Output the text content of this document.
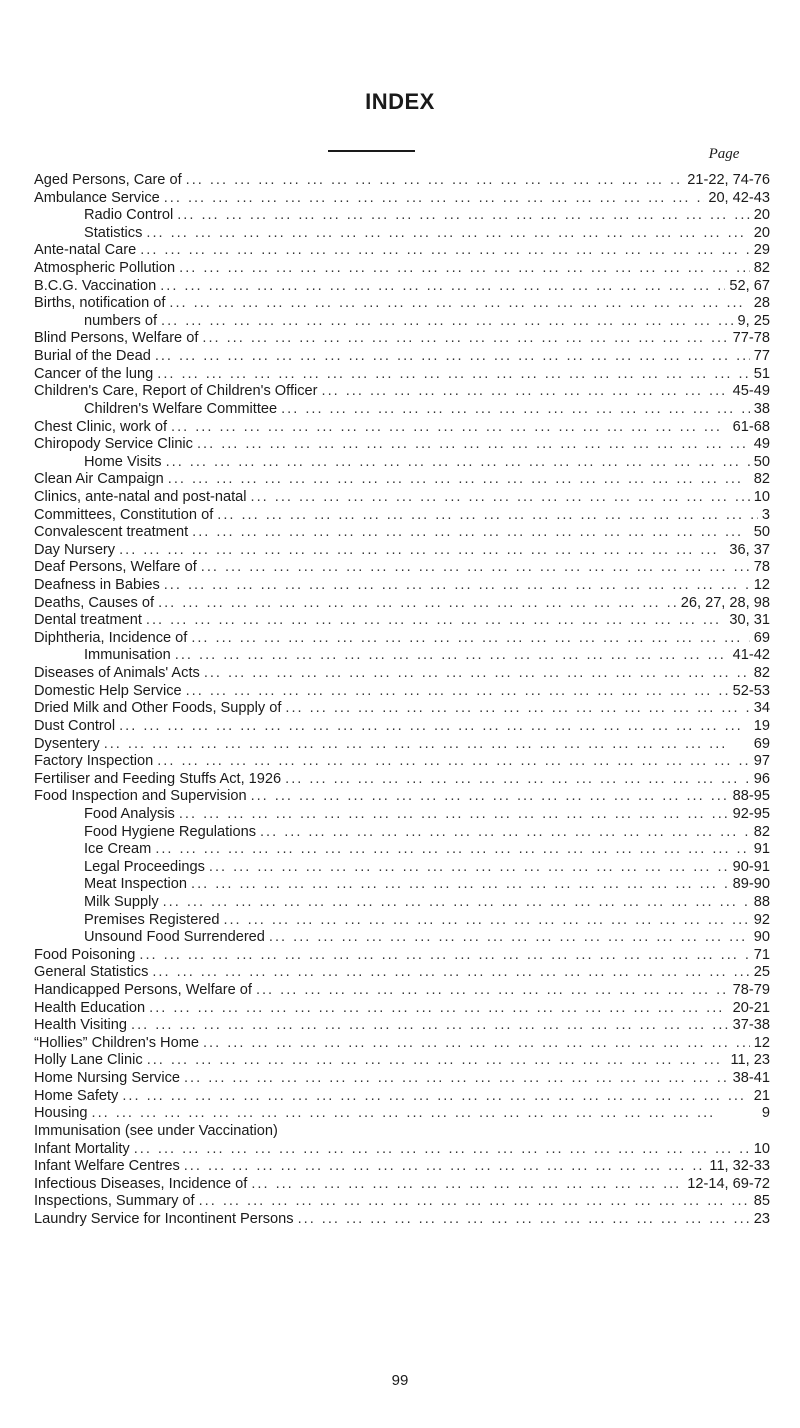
INDEX
Page
Aged Persons, Care of ... .	21-22, 74-76
Ambulance Service ... .	20, 42-43
Radio Control ... .	20
Statistics ... .	20
Ante-natal Care ... .	29
Atmospheric Pollution ... .	82
B.C.G. Vaccination ... .	52, 67
Births, notification of ... .	28
numbers of ... .	9, 25
Blind Persons, Welfare of ... .	77-78
Burial of the Dead ... .	77
Cancer of the lung ... .	51
Children's Care, Report of Children's Officer ... .	45-49
Children's Welfare Committee ... .	38
Chest Clinic, work of ... .	61-68
Chiropody Service Clinic ... .	49
Home Visits ... .	50
Clean Air Campaign ... .	82
Clinics, ante-natal and post-natal ... .	10
Committees, Constitution of ... .	3
Convalescent treatment ... .	50
Day Nursery ... .	36, 37
Deaf Persons, Welfare of ... .	78
Deafness in Babies ... .	12
Deaths, Causes of ... .	26, 27, 28, 98
Dental treatment ... .	30, 31
Diphtheria, Incidence of ... .	69
Immunisation ... .	41-42
Diseases of Animals' Acts ... .	82
Domestic Help Service ... .	52-53
Dried Milk and Other Foods, Supply of ... .	34
Dust Control ... .	19
Dysentery ... .	69
Factory Inspection ... .	97
Fertiliser and Feeding Stuffs Act, 1926 ... .	96
Food Inspection and Supervision ... .	88-95
Food Analysis ... .	92-95
Food Hygiene Regulations ... .	82
Ice Cream ... .	91
Legal Proceedings ... .	90-91
Meat Inspection ... .	89-90
Milk Supply ... .	88
Premises Registered ... .	92
Unsound Food Surrendered ... .	90
Food Poisoning ... .	71
General Statistics ... .	25
Handicapped Persons, Welfare of ... .	78-79
Health Education ... .	20-21
Health Visiting ... .	37-38
“Hollies” Children's Home ... .	12
Holly Lane Clinic ... .	11, 23
Home Nursing Service ... .	38-41
Home Safety ... .	21
Housing ... .	9
Immunisation (see under Vaccination)
Infant Mortality ... .	10
Infant Welfare Centres ... .	11, 32-33
Infectious Diseases, Incidence of ... .	12-14, 69-72
Inspections, Summary of ... .	85
Laundry Service for Incontinent Persons ... .	23
99
